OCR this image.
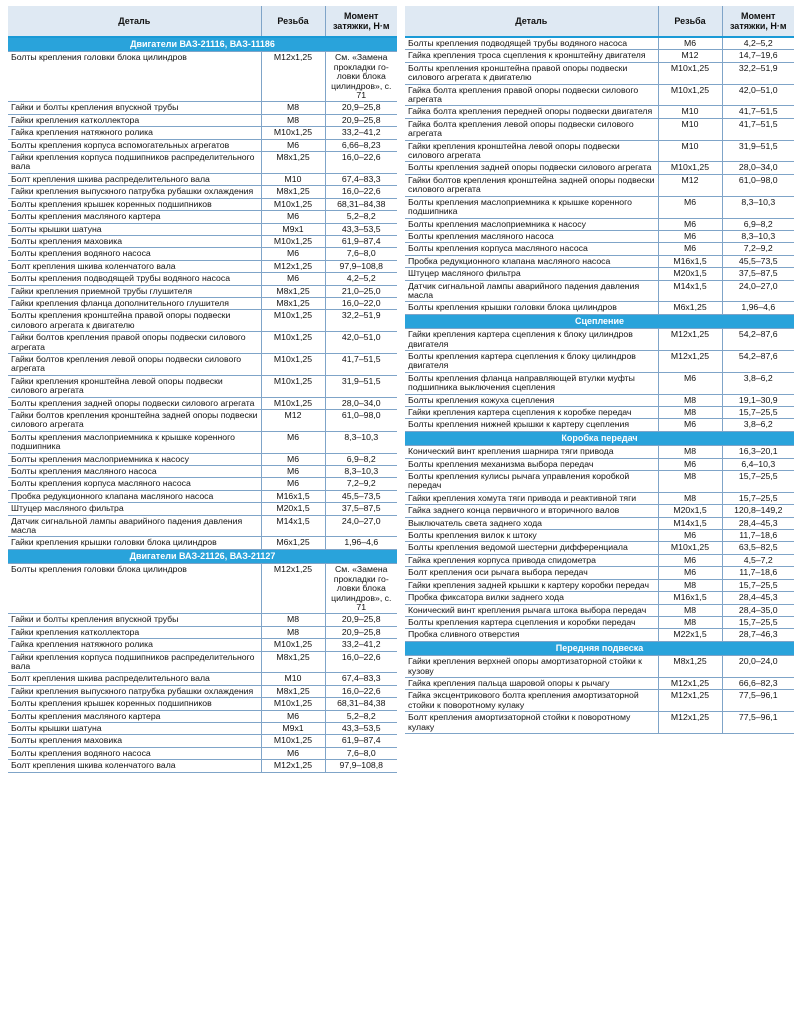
Деталь	Резьба	Момент затяжки, Н·м
Двигатели ВАЗ-21116, ВАЗ-11186		
Болты крепления головки блока цилиндров	M12x1,25	См. «Замена прокладки го- ловки блока цилиндров», с. 71
Гайки и болты крепления впускной трубы	M8	20,9–25,8
Гайки крепления катколлектора	M8	20,9–25,8
Гайка крепления натяжного ролика	M10x1,25	33,2–41,2
Болты крепления корпуса вспомогательных агрегатов	M6	6,66–8,23
Гайки крепления корпуса подшипников распределительного вала	M8x1,25	16,0–22,6
Болт крепления шкива распределительного вала	M10	67,4–83,3
Гайки крепления выпускного патрубка рубашки охлаждения	M8x1,25	16,0–22,6
Болты крепления крышек коренных подшипников	M10x1,25	68,31–84,38
Болты крепления масляного картера	M6	5,2–8,2
Болты крышки шатуна	M9x1	43,3–53,5
Болты крепления маховика	M10x1,25	61,9–87,4
Болты крепления водяного насоса	M6	7,6–8,0
Болт крепления шкива коленчатого вала	M12x1,25	97,9–108,8
Болты крепления подводящей трубы водяного насоса	M6	4,2–5,2
Гайки крепления приемной трубы глушителя	M8x1,25	21,0–25,0
Гайки крепления фланца дополнительного глушителя	M8x1,25	16,0–22,0
Болты крепления кронштейна правой опоры подвески силового агрегата к двигателю	M10x1,25	32,2–51,9
Гайки болтов крепления правой опоры подвески силового агрегата	M10x1,25	42,0–51,0
Гайки болтов крепления левой опоры подвески силового агрегата	M10x1,25	41,7–51,5
Гайки крепления кронштейна левой опоры подвески силового агрегата	M10x1,25	31,9–51,5
Болты крепления задней опоры подвески силового агрегата	M10x1,25	28,0–34,0
Гайки болтов крепления кронштейна задней опоры подвески силового агрегата	M12	61,0–98,0
Болты крепления маслоприемника к крышке коренного подшипника	M6	8,3–10,3
Болты крепления маслоприемника к насосу	M6	6,9–8,2
Болты крепления масляного насоса	M6	8,3–10,3
Болты крепления корпуса масляного насоса	M6	7,2–9,2
Пробка редукционного клапана масляного насоса	M16x1,5	45,5–73,5
Штуцер масляного фильтра	M20x1,5	37,5–87,5
Датчик сигнальной лампы аварийного падения давления масла	M14x1,5	24,0–27,0
Гайки крепления крышки головки блока цилиндров	M6x1,25	1,96–4,6
Двигатели ВАЗ-21126, ВАЗ-21127		
Болты крепления головки блока цилиндров	M12x1,25	См. «Замена прокладки го- ловки блока цилиндров», с. 71
Гайки и болты крепления впускной трубы	M8	20,9–25,8
Гайки крепления катколлектора	M8	20,9–25,8
Гайка крепления натяжного ролика	M10x1,25	33,2–41,2
Гайки крепления корпуса подшипников распределительного вала	M8x1,25	16,0–22,6
Болт крепления шкива распределительного вала	M10	67,4–83,3
Гайки крепления выпускного патрубка рубашки охлаждения	M8x1,25	16,0–22,6
Болты крепления крышек коренных подшипников	M10x1,25	68,31–84,38
Болты крепления масляного картера	M6	5,2–8,2
Болты крышки шатуна	M9x1	43,3–53,5
Болты крепления маховика	M10x1,25	61,9–87,4
Болты крепления водяного насоса	M6	7,6–8,0
Болт крепления шкива коленчатого вала	M12x1,25	97,9–108,8
Деталь	Резьба	Момент затяжки, Н·м
Болты крепления подводящей трубы водяного насоса	M6	4,2–5,2
Гайка крепления троса сцепления к кронштейну двигателя	M12	14,7–19,6
Болты крепления кронштейна правой опоры подвески силового агрегата к двигателю	M10x1,25	32,2–51,9
Гайка болта крепления правой опоры подвески силового агрегата	M10x1,25	42,0–51,0
Гайка болта крепления передней опоры подвески двигателя	M10	41,7–51,5
Гайка болта крепления левой опоры подвески силового агрегата	M10	41,7–51,5
Гайки крепления кронштейна левой опоры подвески силового агрегата	M10	31,9–51,5
Болты крепления задней опоры подвески силового агрегата	M10x1,25	28,0–34,0
Гайки болтов крепления кронштейна задней опоры подвески силового агрегата	M12	61,0–98,0
Болты крепления маслоприемника к крышке коренного подшипника	M6	8,3–10,3
Болты крепления маслоприемника к насосу	M6	6,9–8,2
Болты крепления масляного насоса	M6	8,3–10,3
Болты крепления корпуса масляного насоса	M6	7,2–9,2
Пробка редукционного клапана масляного насоса	M16x1,5	45,5–73,5
Штуцер масляного фильтра	M20x1,5	37,5–87,5
Датчик сигнальной лампы аварийного падения давления масла	M14x1,5	24,0–27,0
Болты крепления крышки головки блока цилиндров	M6x1,25	1,96–4,6
Сцепление		
Гайки крепления картера сцепления к блоку цилиндров двигателя	M12x1,25	54,2–87,6
Болты крепления картера сцепления к блоку цилиндров двигателя	M12x1,25	54,2–87,6
Болты крепления фланца направляющей втулки муфты подшипника выключения сцепления	M6	3,8–6,2
Болты крепления кожуха сцепления	M8	19,1–30,9
Гайки крепления картера сцепления к коробке передач	M8	15,7–25,5
Болты крепления нижней крышки к картеру сцепления	M6	3,8–6,2
Коробка передач		
Конический винт крепления шарнира тяги привода	M8	16,3–20,1
Болты крепления механизма выбора передач	M6	6,4–10,3
Болты крепления кулисы рычага управления коробкой передач	M8	15,7–25,5
Гайки крепления хомута тяги привода и реактивной тяги	M8	15,7–25,5
Гайка заднего конца первичного и вторичного валов	M20x1,5	120,8–149,2
Выключатель света заднего хода	M14x1,5	28,4–45,3
Болты крепления вилок к штоку	M6	11,7–18,6
Болты крепления ведомой шестерни дифференциала	M10x1,25	63,5–82,5
Гайка крепления корпуса привода спидометра	M6	4,5–7,2
Болт крепления оси рычага выбора передач	M6	11,7–18,6
Гайки крепления задней крышки к картеру коробки передач	M8	15,7–25,5
Пробка фиксатора вилки заднего хода	M16x1,5	28,4–45,3
Конический винт крепления рычага штока выбора передач	M8	28,4–35,0
Болты крепления картера сцепления и коробки передач	M8	15,7–25,5
Пробка сливного отверстия	M22x1,5	28,7–46,3
Передняя подвеска		
Гайки крепления верхней опоры амортизаторной стойки к кузову	M8x1,25	20,0–24,0
Гайка крепления пальца шаровой опоры к рычагу	M12x1,25	66,6–82,3
Гайка эксцентрикового болта крепления амортизаторной стойки к поворотному кулаку	M12x1,25	77,5–96,1
Болт крепления амортизаторной стойки к поворотному кулаку	M12x1,25	77,5–96,1
